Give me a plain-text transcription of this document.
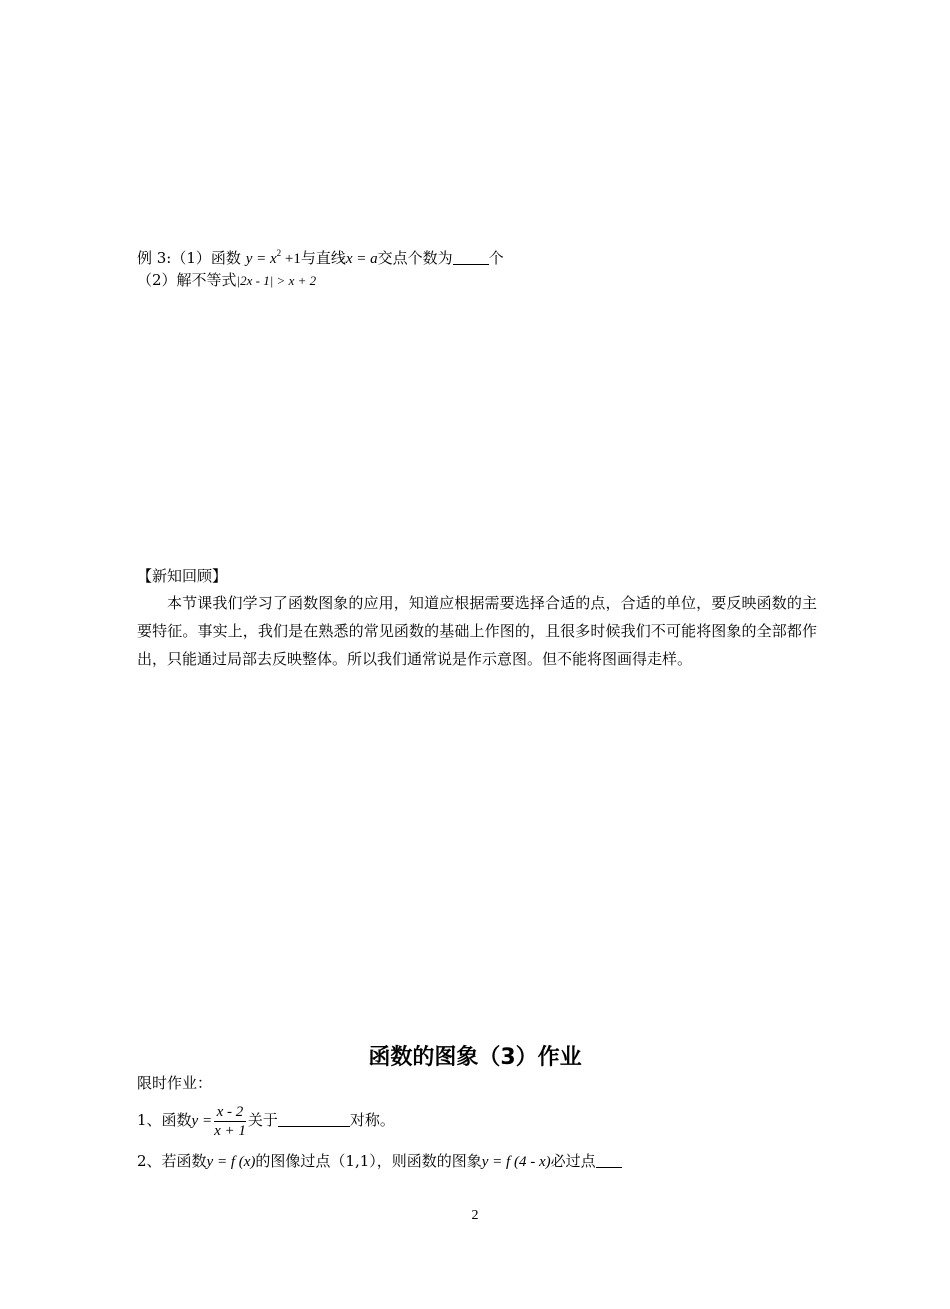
例 3:（1）函数 $y = x^2 +1$与直线x = a交点个数为 个
（2）解不等式|2x - 1| > x + 2
【新知回顾】
本节课我们学习了函数图象的应用，知道应根据需要选择合适的点，合适的单位，要反映函数的主要特征。事实上，我们是在熟悉的常见函数的基础上作图的，且很多时候我们不可能将图象的全部都作出，只能通过局部去反映整体。所以我们通常说是作示意图。但不能将图画得走样。
函数的图象（3）作业
限时作业：
1、函数$y = \frac{x - 2}{x + 1}$ 关于	对称。
2、若函数y = f (x)的图像过点（1,1），则函数的图象y = f (4 - x)必过点
2
